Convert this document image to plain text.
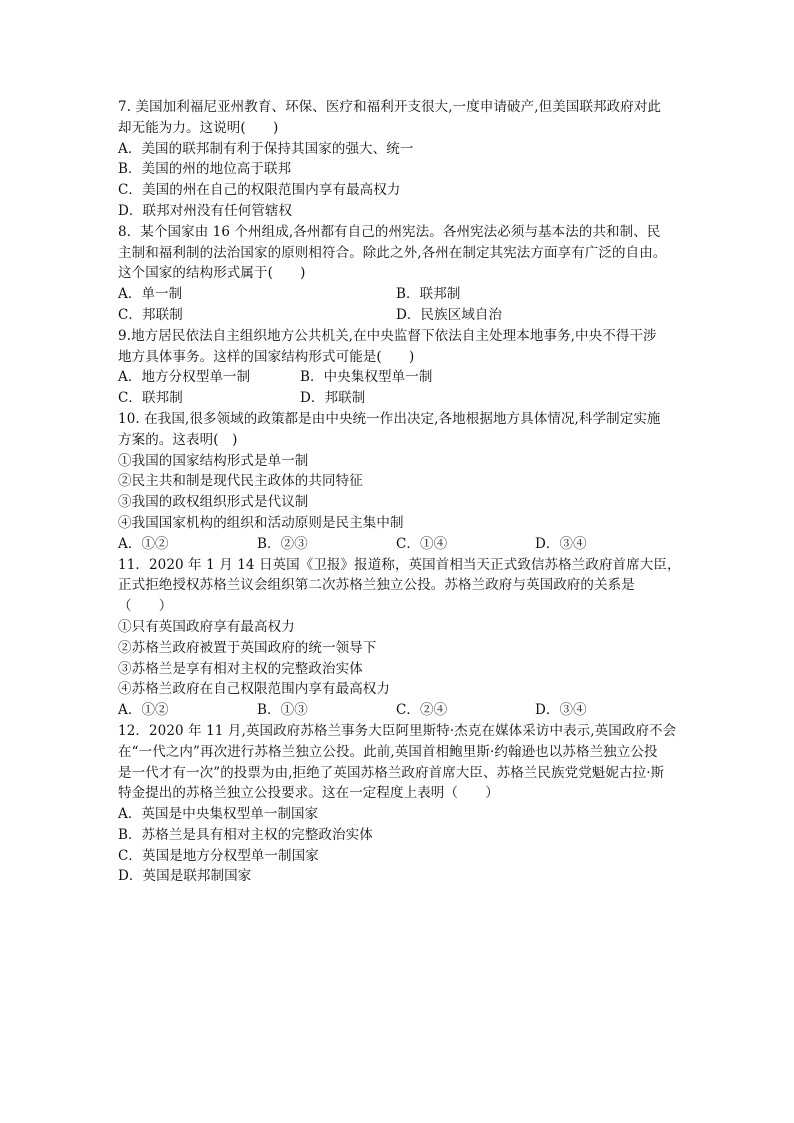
7. 美国加利福尼亚州教育、环保、医疗和福利开支很大,一度申请破产,但美国联邦政府对此
却无能为力。这说明(　　)
A．美国的联邦制有利于保持其国家的强大、统一
B．美国的州的地位高于联邦
C．美国的州在自己的权限范围内享有最高权力
D．联邦对州没有任何管辖权
8．某个国家由 16 个州组成,各州都有自己的州宪法。各州宪法必须与基本法的共和制、民
主制和福利制的法治国家的原则相符合。除此之外,各州在制定其宪法方面享有广泛的自由。
这个国家的结构形式属于(　　)
A．单一制	B．联邦制
C．邦联制	D．民族区域自治
9.地方居民依法自主组织地方公共机关,在中央监督下依法自主处理本地事务,中央不得干涉
地方具体事务。这样的国家结构形式可能是(　　)
A．地方分权型单一制	B．中央集权型单一制
C．联邦制	D．邦联制
10. 在我国,很多领域的政策都是由中央统一作出决定,各地根据地方具体情况,科学制定实施
方案的。这表明(　)
①我国的国家结构形式是单一制
②民主共和制是现代民主政体的共同特征
③我国的政权组织形式是代议制
④我国国家机构的组织和活动原则是民主集中制
A．①②	B．②③	C．①④	D．③④
11．2020 年 1 月 14 日英国《卫报》报道称，英国首相当天正式致信苏格兰政府首席大臣，
正式拒绝授权苏格兰议会组织第二次苏格兰独立公投。苏格兰政府与英国政府的关系是
（　　）
①只有英国政府享有最高权力
②苏格兰政府被置于英国政府的统一领导下
③苏格兰是享有相对主权的完整政治实体
④苏格兰政府在自己权限范围内享有最高权力
A．①②	B．①③	C．②④	D．③④
12．2020 年 11 月,英国政府苏格兰事务大臣阿里斯特·杰克在媒体采访中表示,英国政府不会
在“一代之内”再次进行苏格兰独立公投。此前,英国首相鲍里斯·约翰逊也以苏格兰独立公投
是一代才有一次”的投票为由,拒绝了英国苏格兰政府首席大臣、苏格兰民族党党魁妮古拉·斯
特金提出的苏格兰独立公投要求。这在一定程度上表明（　　）
A．英国是中央集权型单一制国家
B．苏格兰是具有相对主权的完整政治实体
C．英国是地方分权型单一制国家
D．英国是联邦制国家
